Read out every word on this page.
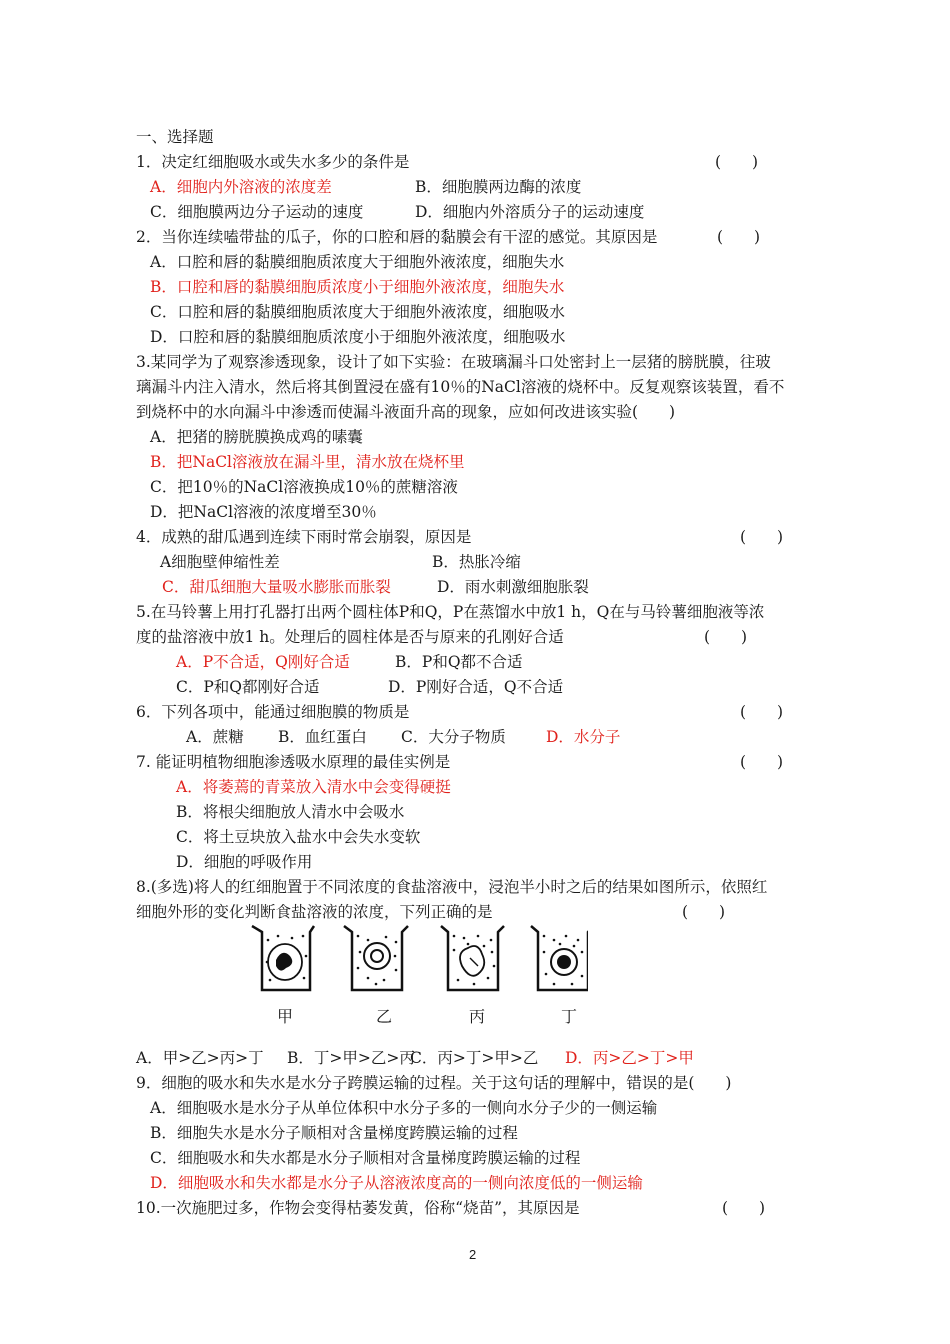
一、选择题
1．决定红细胞吸水或失水多少的条件是	(　　)
A．细胞内外溶液的浓度差	B．细胞膜两边酶的浓度
C．细胞膜两边分子运动的速度	D．细胞内外溶质分子的运动速度
2．当你连续嗑带盐的瓜子，你的口腔和唇的黏膜会有干涩的感觉。其原因是	(　　)
A．口腔和唇的黏膜细胞质浓度大于细胞外液浓度，细胞失水
B．口腔和唇的黏膜细胞质浓度小于细胞外液浓度，细胞失水
C．口腔和唇的黏膜细胞质浓度大于细胞外液浓度，细胞吸水
D．口腔和唇的黏膜细胞质浓度小于细胞外液浓度，细胞吸水
3.某同学为了观察渗透现象，设计了如下实验：在玻璃漏斗口处密封上一层猪的膀胱膜，往玻
璃漏斗内注入清水，然后将其倒置浸在盛有10％的NaCl溶液的烧杯中。反复观察该装置，看不
到烧杯中的水向漏斗中渗透而使漏斗液面升高的现象，应如何改进该实验(　　)
A．把猪的膀胱膜换成鸡的嗉囊
B．把NaCl溶液放在漏斗里，清水放在烧杯里
C．把10％的NaCl溶液换成10％的蔗糖溶液
D．把NaCl溶液的浓度增至30％
4．成熟的甜瓜遇到连续下雨时常会崩裂，原因是	(　　)
A细胞壁伸缩性差	B．热胀冷缩
C．甜瓜细胞大量吸水膨胀而胀裂	D．雨水刺激细胞胀裂
5.在马铃薯上用打孔器打出两个圆柱体P和Q，P在蒸馏水中放1 h，Q在与马铃薯细胞液等浓
度的盐溶液中放1 h。处理后的圆柱体是否与原来的孔刚好合适	(　　)
A．P不合适，Q刚好合适	B．P和Q都不合适
C．P和Q都刚好合适	D．P刚好合适，Q不合适
6．下列各项中，能通过细胞膜的物质是	(　　)
A．蔗糖 B．血红蛋白 C．大分子物质	D．水分子
7. 能证明植物细胞渗透吸水原理的最佳实例是	(　　)
A．将萎蔫的青菜放入清水中会变得硬挺
B．将根尖细胞放人清水中会吸水
C．将土豆块放入盐水中会失水变软
D．细胞的呼吸作用
8.(多选)将人的红细胞置于不同浓度的食盐溶液中，浸泡半小时之后的结果如图所示，依照红
细胞外形的变化判断食盐溶液的浓度，下列正确的是	(　　)
甲	乙	丙	丁
A．甲>乙>丙>丁 B．丁>甲>乙>丙
C．丙>丁>甲>乙 D．丙>乙>丁>甲
9．细胞的吸水和失水是水分子跨膜运输的过程。关于这句话的理解中，错误的是(　　)
A．细胞吸水是水分子从单位体积中水分子多的一侧向水分子少的一侧运输
B．细胞失水是水分子顺相对含量梯度跨膜运输的过程
C．细胞吸水和失水都是水分子顺相对含量梯度跨膜运输的过程
D．细胞吸水和失水都是水分子从溶液浓度高的一侧向浓度低的一侧运输
10.一次施肥过多，作物会变得枯萎发黄，俗称“烧苗”，其原因是	(　　)
2
